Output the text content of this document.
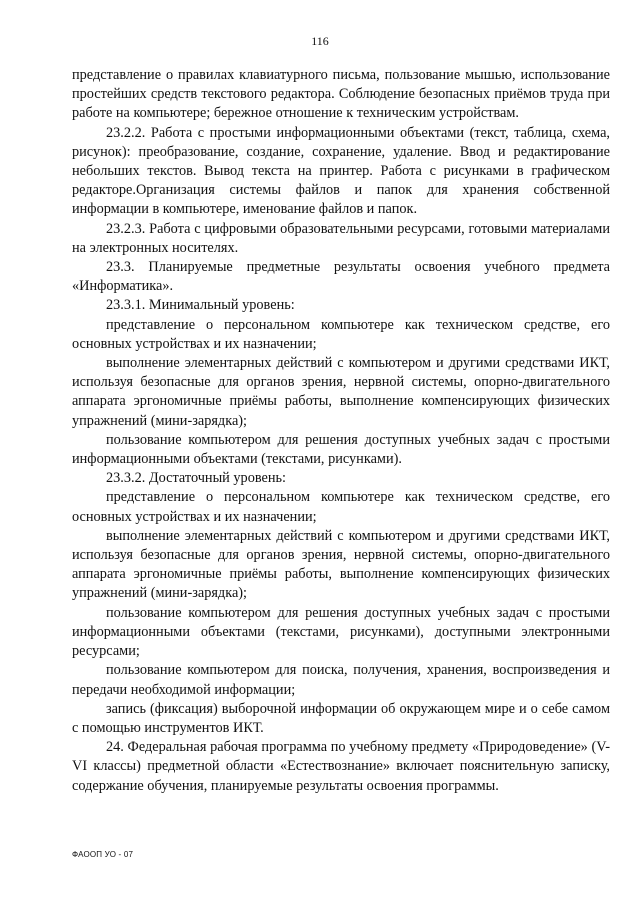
116

представление о правилах клавиатурного письма, пользование мышью, использование простейших средств текстового редактора. Соблюдение безопасных приёмов труда при работе на компьютере; бережное отношение к техническим устройствам.

23.2.2. Работа с простыми информационными объектами (текст, таблица, схема, рисунок): преобразование, создание, сохранение, удаление. Ввод и редактирование небольших текстов. Вывод текста на принтер. Работа с рисунками в графическом редакторе.Организация системы файлов и папок для хранения собственной информации в компьютере, именование файлов и папок.

23.2.3. Работа с цифровыми образовательными ресурсами, готовыми материалами на электронных носителях.

23.3. Планируемые предметные результаты освоения учебного предмета «Информатика».

23.3.1. Минимальный уровень:

представление о персональном компьютере как техническом средстве, его основных устройствах и их назначении;

выполнение элементарных действий с компьютером и другими средствами ИКТ, используя безопасные для органов зрения, нервной системы, опорно-двигательного аппарата эргономичные приёмы работы, выполнение компенсирующих физических упражнений (мини-зарядка);

пользование компьютером для решения доступных учебных задач с простыми информационными объектами (текстами, рисунками).

23.3.2. Достаточный уровень:

представление о персональном компьютере как техническом средстве, его основных устройствах и их назначении;

выполнение элементарных действий с компьютером и другими средствами ИКТ, используя безопасные для органов зрения, нервной системы, опорно-двигательного аппарата эргономичные приёмы работы, выполнение компенсирующих физических упражнений (мини-зарядка);

пользование компьютером для решения доступных учебных задач с простыми информационными объектами (текстами, рисунками), доступными электронными ресурсами;

пользование компьютером для поиска, получения, хранения, воспроизведения и передачи необходимой информации;

запись (фиксация) выборочной информации об окружающем мире и о себе самом с помощью инструментов ИКТ.

24. Федеральная рабочая программа по учебному предмету «Природоведение» (V-VI классы) предметной области «Естествознание» включает пояснительную записку, содержание обучения, планируемые результаты освоения программы.

ФАООП УО - 07
